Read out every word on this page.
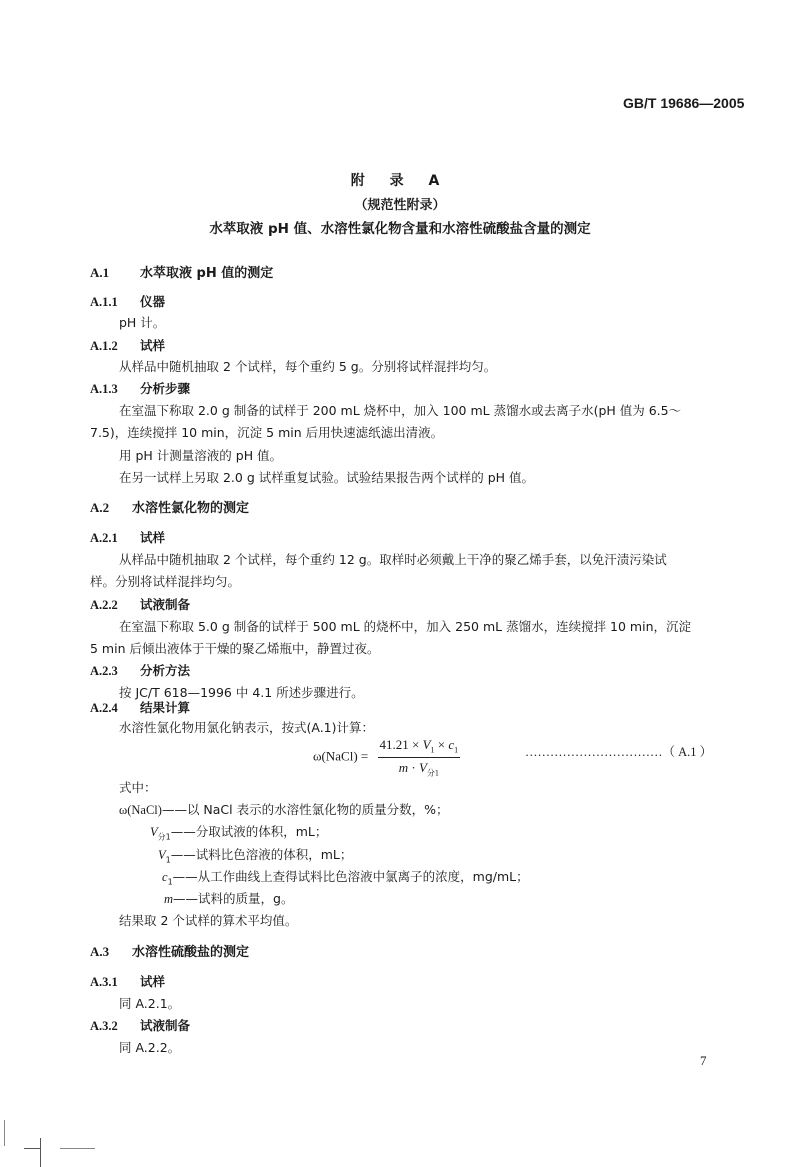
GB/T 19686—2005
附 录 A
（规范性附录）
水萃取液 pH 值、水溶性氯化物含量和水溶性硫酸盐含量的测定
A.1 水萃取液 pH 值的测定
A.1.1 仪器
pH 计。
A.1.2 试样
从样品中随机抽取 2 个试样，每个重约 5 g。分别将试样混拌均匀。
A.1.3 分析步骤
在室温下称取 2.0 g 制备的试样于 200 mL 烧杯中，加入 100 mL 蒸馏水或去离子水(pH 值为 6.5～
7.5)，连续搅拌 10 min，沉淀 5 min 后用快速滤纸滤出清液。
用 pH 计测量溶液的 pH 值。
在另一试样上另取 2.0 g 试样重复试验。试验结果报告两个试样的 pH 值。
A.2 水溶性氯化物的测定
A.2.1 试样
从样品中随机抽取 2 个试样，每个重约 12 g。取样时必须戴上干净的聚乙烯手套，以免汗渍污染试
样。分别将试样混拌均匀。
A.2.2 试液制备
在室温下称取 5.0 g 制备的试样于 500 mL 的烧杯中，加入 250 mL 蒸馏水，连续搅拌 10 min，沉淀
5 min 后倾出液体于干燥的聚乙烯瓶中，静置过夜。
A.2.3 分析方法
按 JC/T 618—1996 中 4.1 所述步骤进行。
A.2.4 结果计算
水溶性氯化物用氯化钠表示，按式(A.1)计算：
ω(NaCl) = $\frac{41.21 \times V_1 \times c_1}{m \cdot V_{分1}}$	……………………………（ A.1 ）
式中：
ω(NaCl)——以 NaCl 表示的水溶性氯化物的质量分数，%；
$V_{分1}——$分取试液的体积，mL；
$V_1——$试料比色溶液的体积，mL；
$c_1——$从工作曲线上查得试料比色溶液中氯离子的浓度，mg/mL；
m——试料的质量，g。
结果取 2 个试样的算术平均值。
A.3 水溶性硫酸盐的测定
A.3.1 试样
同 A.2.1。
A.3.2 试液制备
同 A.2.2。
7
